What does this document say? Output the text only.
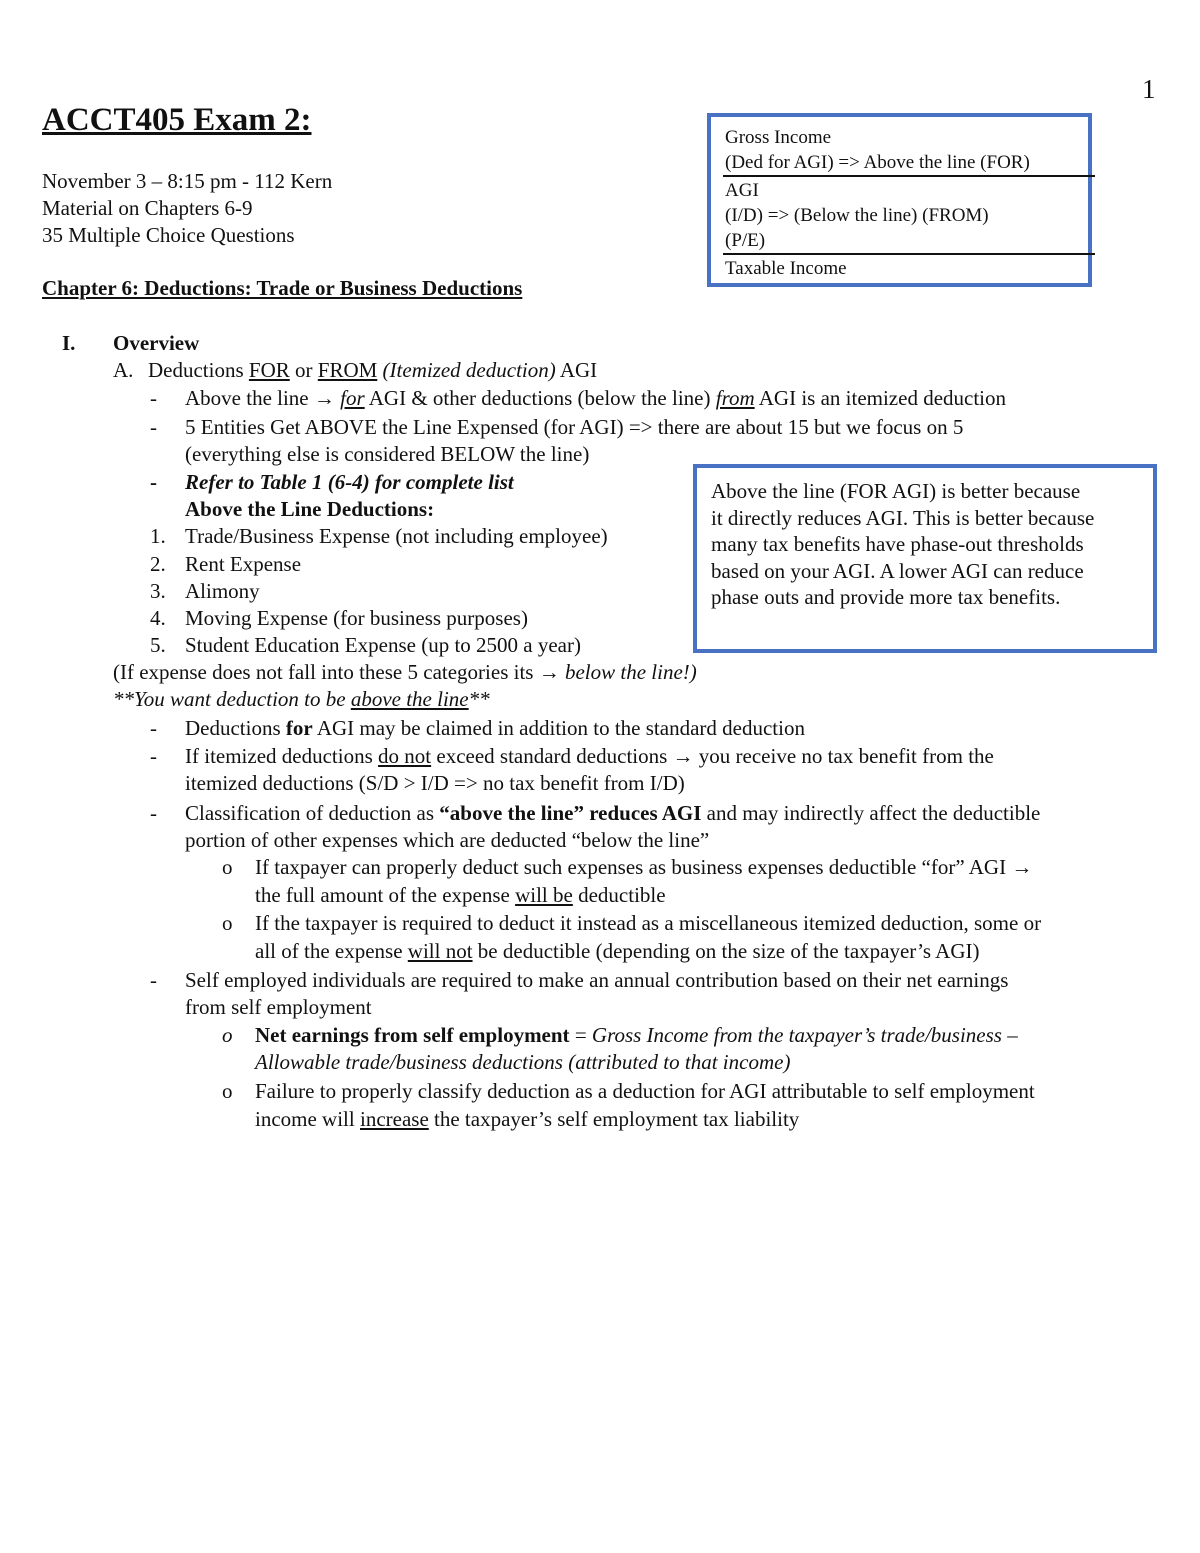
1
ACCT405 Exam 2:
November 3 – 8:15 pm - 112 Kern
Material on Chapters 6-9
35 Multiple Choice Questions
Chapter 6: Deductions: Trade or Business Deductions
Gross Income
(Ded for AGI) => Above the line (FOR)
AGI
(I/D) => (Below the line) (FROM)
(P/E)
Taxable Income
Above the line (FOR AGI) is better because
it directly reduces AGI. This is better because
many tax benefits have phase-out thresholds
based on your AGI. A lower AGI can reduce
phase outs and provide more tax benefits.
I. Overview
A. Deductions FOR or FROM (Itemized deduction) AGI
- Above the line → for AGI & other deductions (below the line) from AGI is an itemized deduction
- 5 Entities Get ABOVE the Line Expensed (for AGI) => there are about 15 but we focus on 5
(everything else is considered BELOW the line)
- Refer to Table 1 (6-4) for complete list
Above the Line Deductions:
1. Trade/Business Expense (not including employee)
2. Rent Expense
3. Alimony
4. Moving Expense (for business purposes)
5. Student Education Expense (up to 2500 a year)
(If expense does not fall into these 5 categories its → below the line!)
**You want deduction to be above the line**
- Deductions for AGI may be claimed in addition to the standard deduction
- If itemized deductions do not exceed standard deductions → you receive no tax benefit from the
itemized deductions (S/D > I/D => no tax benefit from I/D)
- Classification of deduction as “above the line” reduces AGI and may indirectly affect the deductible
portion of other expenses which are deducted “below the line”
o If taxpayer can properly deduct such expenses as business expenses deductible “for” AGI →
the full amount of the expense will be deductible
o If the taxpayer is required to deduct it instead as a miscellaneous itemized deduction, some or
all of the expense will not be deductible (depending on the size of the taxpayer’s AGI)
- Self employed individuals are required to make an annual contribution based on their net earnings
from self employment
o Net earnings from self employment = Gross Income from the taxpayer’s trade/business –
Allowable trade/business deductions (attributed to that income)
o Failure to properly classify deduction as a deduction for AGI attributable to self employment
income will increase the taxpayer’s self employment tax liability
